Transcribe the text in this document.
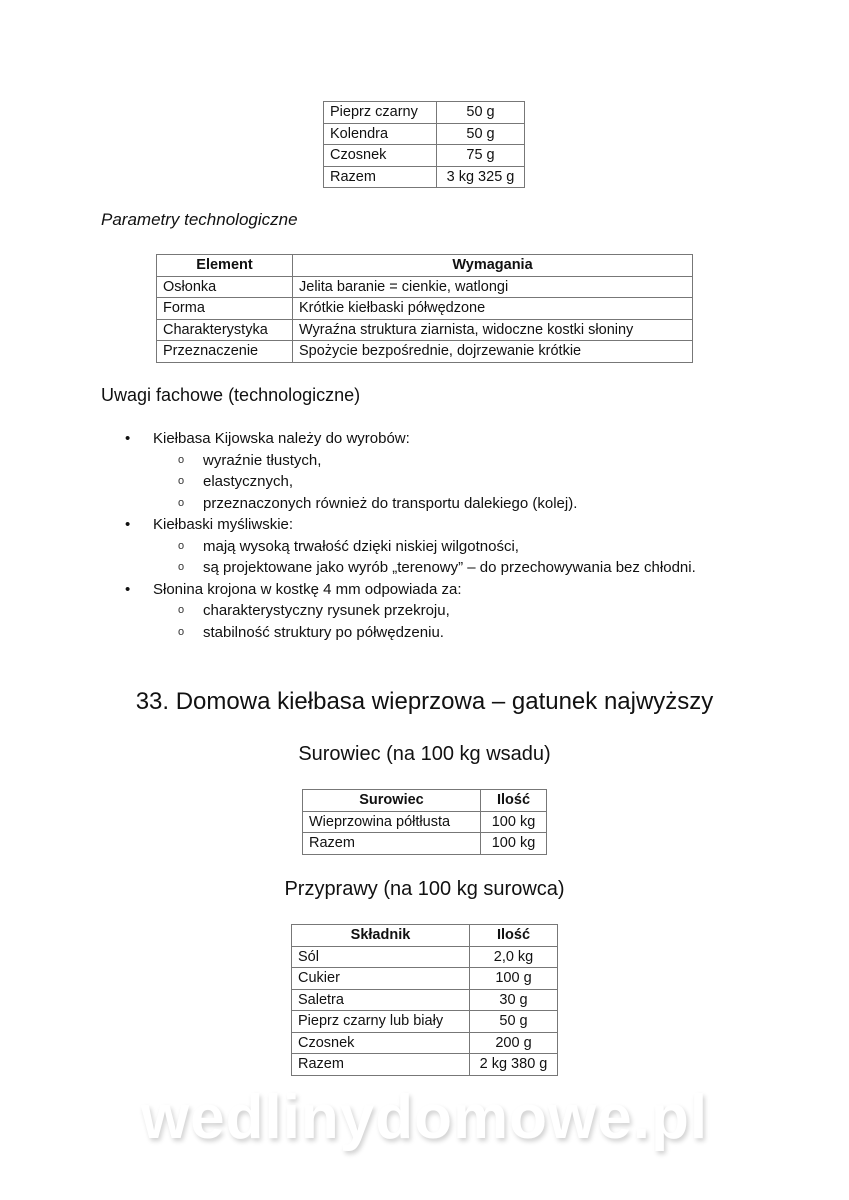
Pieprz czarny	50 g
Kolendra	50 g
Czosnek	75 g
Razem	3 kg 325 g
Parametry technologiczne
Element	Wymagania
Osłonka	Jelita baranie = cienkie, watlongi
Forma	Krótkie kiełbaski półwędzone
Charakterystyka	Wyraźna struktura ziarnista, widoczne kostki słoniny
Przeznaczenie	Spożycie bezpośrednie, dojrzewanie krótkie
Uwagi fachowe (technologiczne)
• Kiełbasa Kijowska należy do wyrobów:
o wyraźnie tłustych,
o elastycznych,
o przeznaczonych również do transportu dalekiego (kolej).
• Kiełbaski myśliwskie:
o mają wysoką trwałość dzięki niskiej wilgotności,
o są projektowane jako wyrób „terenowy” – do przechowywania bez chłodni.
• Słonina krojona w kostkę 4 mm odpowiada za:
o charakterystyczny rysunek przekroju,
o stabilność struktury po półwędzeniu.
33. Domowa kiełbasa wieprzowa – gatunek najwyższy
Surowiec (na 100 kg wsadu)
Surowiec	Ilość
Wieprzowina półtłusta	100 kg
Razem	100 kg
Przyprawy (na 100 kg surowca)
Składnik	Ilość
Sól	2,0 kg
Cukier	100 g
Saletra	30 g
Pieprz czarny lub biały	50 g
Czosnek	200 g
Razem	2 kg 380 g
wedlinydomowe.pl
